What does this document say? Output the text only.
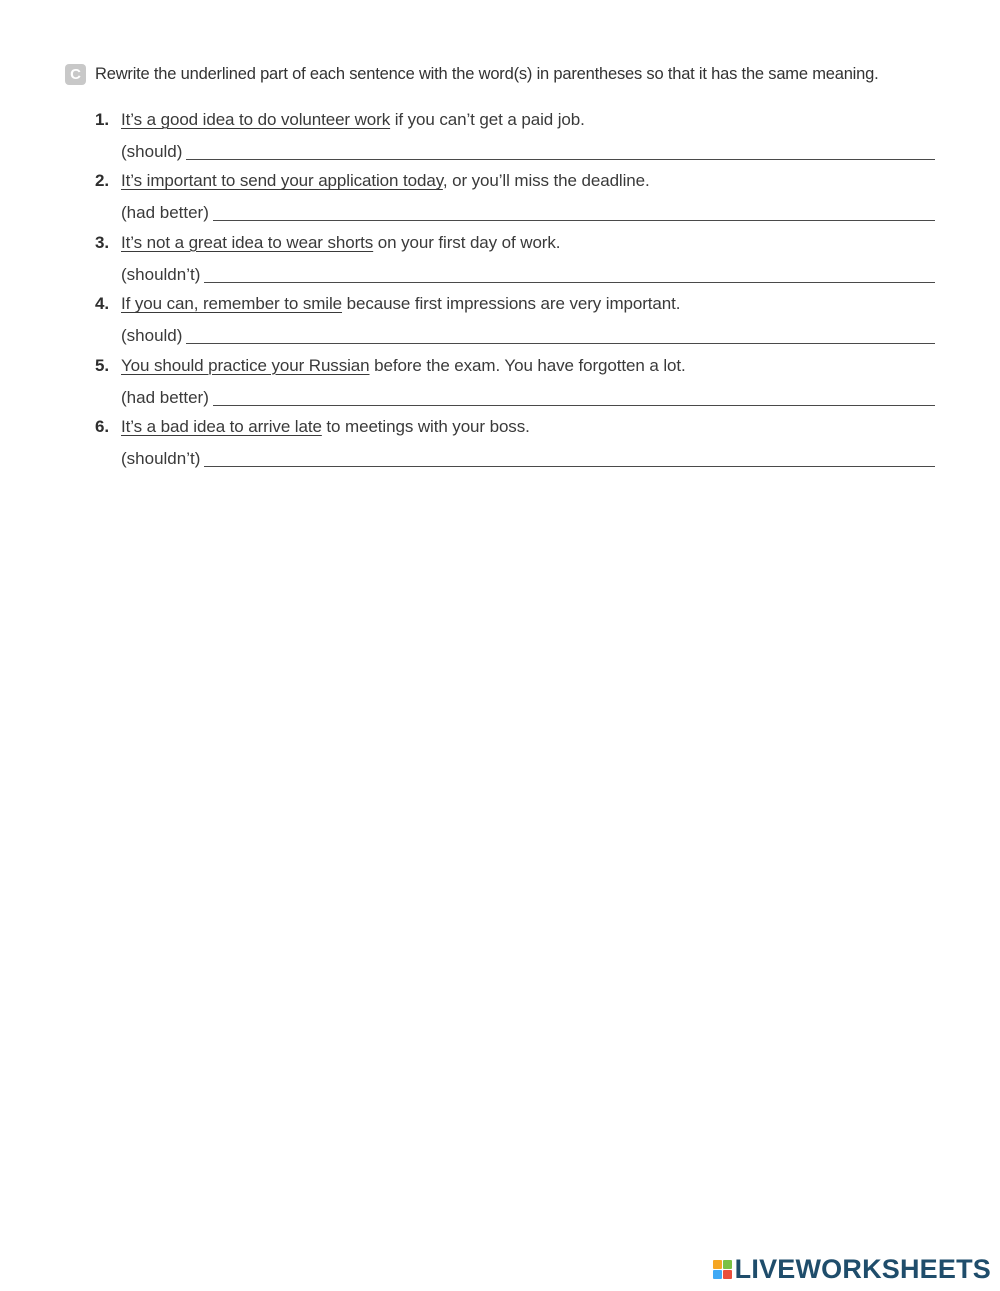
C Rewrite the underlined part of each sentence with the word(s) in parentheses so that it has the same meaning.
1. It’s a good idea to do volunteer work if you can’t get a paid job.
(should)
2. It’s important to send your application today, or you’ll miss the deadline.
(had better)
3. It’s not a great idea to wear shorts on your first day of work.
(shouldn’t)
4. If you can, remember to smile because first impressions are very important.
(should)
5. You should practice your Russian before the exam. You have forgotten a lot.
(had better)
6. It’s a bad idea to arrive late to meetings with your boss.
(shouldn’t)
LIVEWORKSHEETS
